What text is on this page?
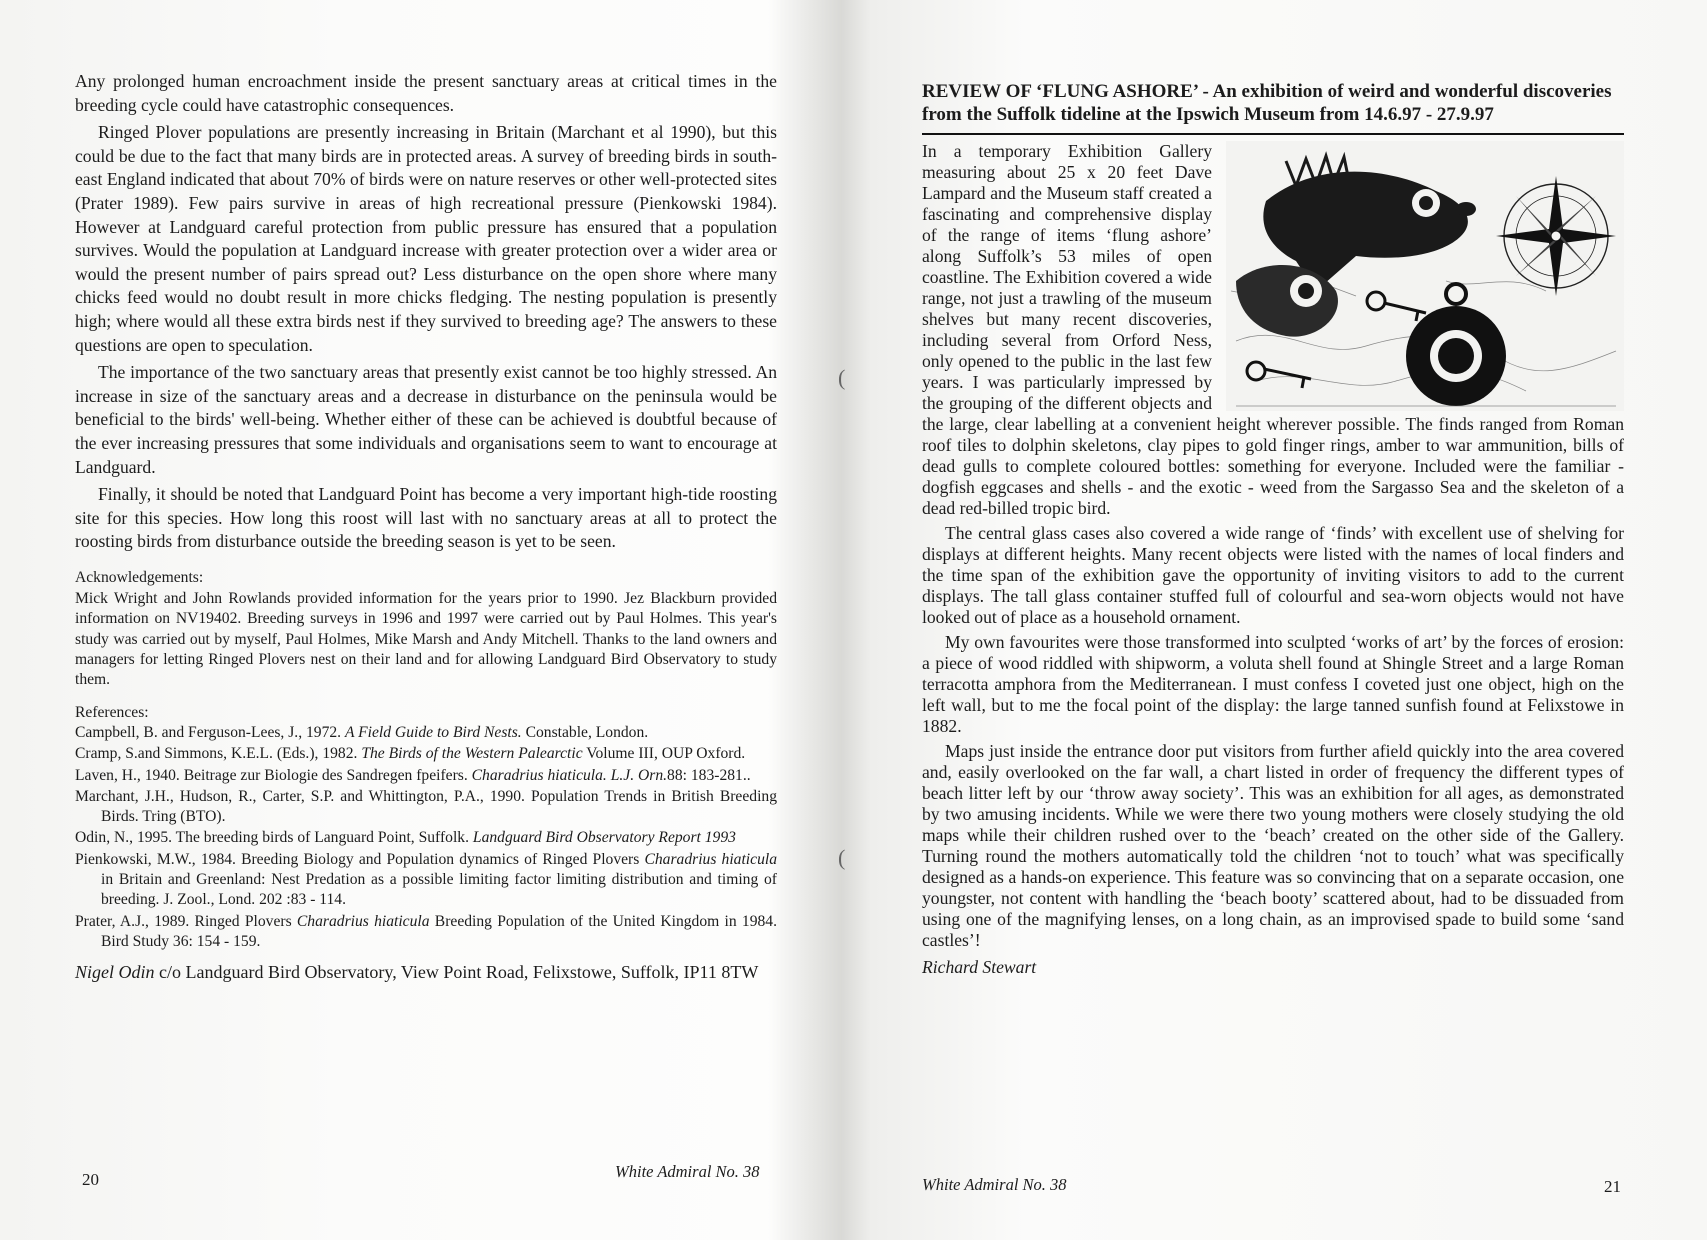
Any prolonged human encroachment inside the present sanctuary areas at critical times in the breeding cycle could have catastrophic consequences.

Ringed Plover populations are presently increasing in Britain (Marchant et al 1990), but this could be due to the fact that many birds are in protected areas. A survey of breeding birds in south-east England indicated that about 70% of birds were on nature reserves or other well-protected sites (Prater 1989). Few pairs survive in areas of high recreational pressure (Pienkowski 1984). However at Landguard careful protection from public pressure has ensured that a population survives. Would the population at Landguard increase with greater protection over a wider area or would the present number of pairs spread out? Less disturbance on the open shore where many chicks feed would no doubt result in more chicks fledging. The nesting population is presently high; where would all these extra birds nest if they survived to breeding age? The answers to these questions are open to speculation.

The importance of the two sanctuary areas that presently exist cannot be too highly stressed. An increase in size of the sanctuary areas and a decrease in disturbance on the peninsula would be beneficial to the birds' well-being. Whether either of these can be achieved is doubtful because of the ever increasing pressures that some individuals and organisations seem to want to encourage at Landguard.

Finally, it should be noted that Landguard Point has become a very important high-tide roosting site for this species. How long this roost will last with no sanctuary areas at all to protect the roosting birds from disturbance outside the breeding season is yet to be seen.

Acknowledgements:
Mick Wright and John Rowlands provided information for the years prior to 1990. Jez Blackburn provided information on NV19402. Breeding surveys in 1996 and 1997 were carried out by Paul Holmes. This year's study was carried out by myself, Paul Holmes, Mike Marsh and Andy Mitchell. Thanks to the land owners and managers for letting Ringed Plovers nest on their land and for allowing Landguard Bird Observatory to study them.
References:
Campbell, B. and Ferguson-Lees, J., 1972. A Field Guide to Bird Nests. Constable, London.
Cramp, S.and Simmons, K.E.L. (Eds.), 1982. The Birds of the Western Palearctic Volume III, OUP Oxford.
Laven, H., 1940. Beitrage zur Biologie des Sandregen fpeifers. Charadrius hiaticula. L.J. Orn.88: 183-281..
Marchant, J.H., Hudson, R., Carter, S.P. and Whittington, P.A., 1990. Population Trends in British Breeding Birds. Tring (BTO).
Odin, N., 1995. The breeding birds of Languard Point, Suffolk. Landguard Bird Observatory Report 1993
Pienkowski, M.W., 1984. Breeding Biology and Population dynamics of Ringed Plovers Charadrius hiaticula in Britain and Greenland: Nest Predation as a possible limiting factor limiting distribution and timing of breeding. J. Zool., Lond. 202 :83 - 114.
Prater, A.J., 1989. Ringed Plovers Charadrius hiaticula Breeding Population of the United Kingdom in 1984. Bird Study 36: 154 - 159.
Nigel Odin c/o Landguard Bird Observatory, View Point Road, Felixstowe, Suffolk, IP11 8TW
20	White Admiral No. 38
(
(
REVIEW OF ‘FLUNG ASHORE’ - An exhibition of weird and wonderful discoveries from the Suffolk tideline at the Ipswich Museum from 14.6.97 - 27.9.97

In a temporary Exhibition Gallery measuring about 25 x 20 feet Dave Lampard and the Museum staff created a fascinating and comprehensive display of the range of items ‘flung ashore’ along Suffolk’s 53 miles of open coastline. The Exhibition covered a wide range, not just a trawling of the museum shelves but many recent discoveries, including several from Orford Ness, only opened to the public in the last few years. I was particularly impressed by the grouping of the different objects and the large, clear labelling at a convenient height wherever possible. The finds ranged from Roman roof tiles to dolphin skeletons, clay pipes to gold finger rings, amber to war ammunition, bills of dead gulls to complete coloured bottles: something for everyone. Included were the familiar - dogfish eggcases and shells - and the exotic - weed from the Sargasso Sea and the skeleton of a dead red-billed tropic bird.

The central glass cases also covered a wide range of ‘finds’ with excellent use of shelving for displays at different heights. Many recent objects were listed with the names of local finders and the time span of the exhibition gave the opportunity of inviting visitors to add to the current displays. The tall glass container stuffed full of colourful and sea-worn objects would not have looked out of place as a household ornament.

My own favourites were those transformed into sculpted ‘works of art’ by the forces of erosion: a piece of wood riddled with shipworm, a voluta shell found at Shingle Street and a large Roman terracotta amphora from the Mediterranean. I must confess I coveted just one object, high on the left wall, but to me the focal point of the display: the large tanned sunfish found at Felixstowe in 1882.

Maps just inside the entrance door put visitors from further afield quickly into the area covered and, easily overlooked on the far wall, a chart listed in order of frequency the different types of beach litter left by our ‘throw away society’. This was an exhibition for all ages, as demonstrated by two amusing incidents. While we were there two young mothers were closely studying the old maps while their children rushed over to the ‘beach’ created on the other side of the Gallery. Turning round the mothers automatically told the children ‘not to touch’ what was specifically designed as a hands-on experience. This feature was so convincing that on a separate occasion, one youngster, not content with handling the ‘beach booty’ scattered about, had to be dissuaded from using one of the magnifying lenses, on a long chain, as an improvised spade to build some ‘sand castles’!

Richard Stewart

White Admiral No. 38	21
